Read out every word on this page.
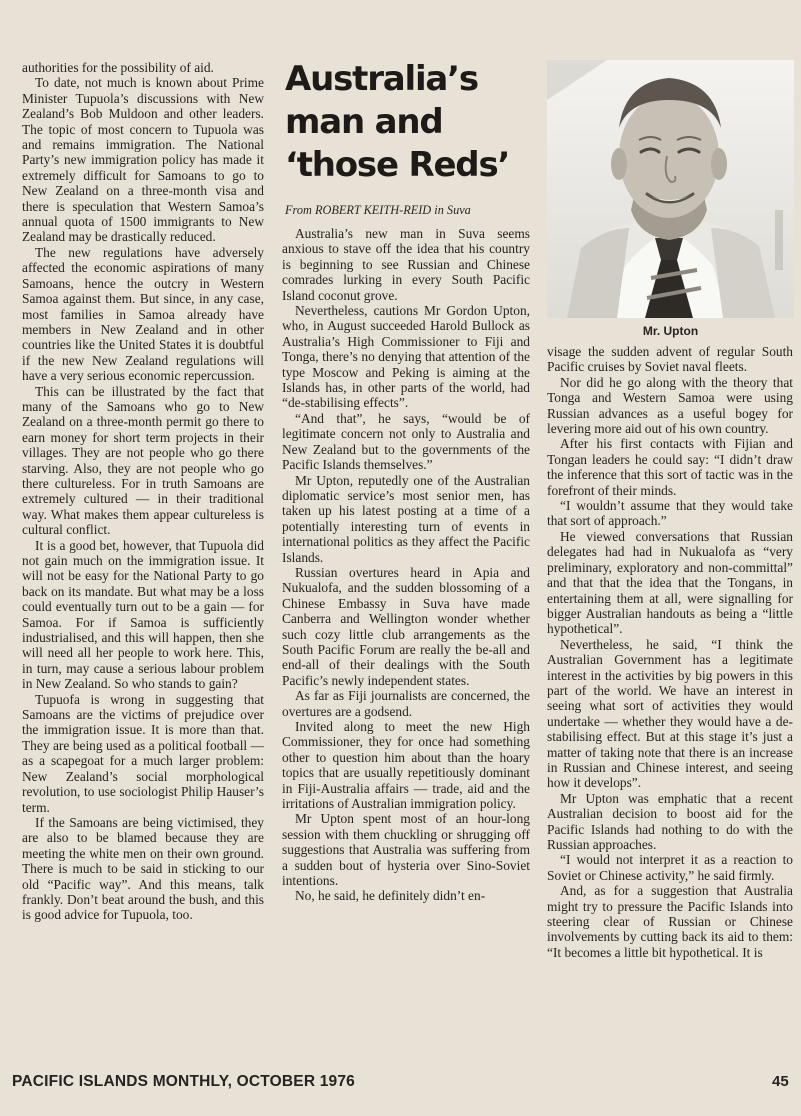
authorities for the possibility of aid.

To date, not much is known about Prime Minister Tupuola’s discussions with New Zealand’s Bob Muldoon and other leaders. The topic of most concern to Tupuola was and remains immigration. The National Party’s new immigration policy has made it extremely difficult for Samoans to go to New Zealand on a three-month visa and there is speculation that Western Samoa’s annual quota of 1500 immigrants to New Zealand may be drastically reduced.

The new regulations have adversely affected the economic aspirations of many Samoans, hence the outcry in Western Samoa against them. But since, in any case, most families in Samoa already have members in New Zealand and in other countries like the United States it is doubtful if the new New Zealand regulations will have a very serious economic repercussion.

This can be illustrated by the fact that many of the Samoans who go to New Zealand on a three-month permit go there to earn money for short term projects in their villages. They are not people who go there starving. Also, they are not people who go there cultureless. For in truth Samoans are extremely cultured — in their traditional way. What makes them appear cultureless is cultural conflict.

It is a good bet, however, that Tupuola did not gain much on the immigration issue. It will not be easy for the National Party to go back on its mandate. But what may be a loss could eventually turn out to be a gain — for Samoa. For if Samoa is sufficiently industrialised, and this will happen, then she will need all her people to work here. This, in turn, may cause a serious labour problem in New Zealand. So who stands to gain?

Tupuofa is wrong in suggesting that Samoans are the victims of prejudice over the immigration issue. It is more than that. They are being used as a political football — as a scapegoat for a much larger problem: New Zealand’s social morphological revolution, to use sociologist Philip Hauser’s term.

If the Samoans are being victimised, they are also to be blamed because they are meeting the white men on their own ground. There is much to be said in sticking to our old “Pacific way”. And this means, talk frankly. Don’t beat around the bush, and this is good advice for Tupuola, too.

Australia’s
man and
‘those Reds’

From ROBERT KEITH-REID in Suva

Australia’s new man in Suva seems anxious to stave off the idea that his country is beginning to see Russian and Chinese comrades lurking in every South Pacific Island coconut grove.

Nevertheless, cautions Mr Gordon Upton, who, in August succeeded Harold Bullock as Australia’s High Commissioner to Fiji and Tonga, there’s no denying that attention of the type Moscow and Peking is aiming at the Islands has, in other parts of the world, had “de-stabilising effects”.

“And that”, he says, “would be of legitimate concern not only to Australia and New Zealand but to the governments of the Pacific Islands themselves.”

Mr Upton, reputedly one of the Australian diplomatic service’s most senior men, has taken up his latest posting at a time of a potentially interesting turn of events in international politics as they affect the Pacific Islands.

Russian overtures heard in Apia and Nukualofa, and the sudden blossoming of a Chinese Embassy in Suva have made Canberra and Wellington wonder whether such cozy little club arrangements as the South Pacific Forum are really the be-all and end-all of their dealings with the South Pacific’s newly independent states.

As far as Fiji journalists are concerned, the overtures are a godsend.

Invited along to meet the new High Commissioner, they for once had something other to question him about than the hoary topics that are usually repetitiously dominant in Fiji-Australia affairs — trade, aid and the irritations of Australian immigration policy.

Mr Upton spent most of an hour-long session with them chuckling or shrugging off suggestions that Australia was suffering from a sudden bout of hysteria over Sino-Soviet intentions.

No, he said, he definitely didn’t en-

Mr. Upton

visage the sudden advent of regular South Pacific cruises by Soviet naval fleets.

Nor did he go along with the theory that Tonga and Western Samoa were using Russian advances as a useful bogey for levering more aid out of his own country.

After his first contacts with Fijian and Tongan leaders he could say: “I didn’t draw the inference that this sort of tactic was in the forefront of their minds.

“I wouldn’t assume that they would take that sort of approach.”

He viewed conversations that Russian delegates had had in Nukualofa as “very preliminary, exploratory and non-committal” and that that the idea that the Tongans, in entertaining them at all, were signalling for bigger Australian handouts as being a “little hypothetical”.

Nevertheless, he said, “I think the Australian Government has a legitimate interest in the activities by big powers in this part of the world. We have an interest in seeing what sort of activities they would undertake — whether they would have a de-stabilising effect. But at this stage it’s just a matter of taking note that there is an increase in Russian and Chinese interest, and seeing how it develops”.

Mr Upton was emphatic that a recent Australian decision to boost aid for the Pacific Islands had nothing to do with the Russian approaches.

“I would not interpret it as a reaction to Soviet or Chinese activity,” he said firmly.

And, as for a suggestion that Australia might try to pressure the Pacific Islands into steering clear of Russian or Chinese involvements by cutting back its aid to them: “It becomes a little bit hypothetical. It is

PACIFIC ISLANDS MONTHLY, OCTOBER 1976	45
